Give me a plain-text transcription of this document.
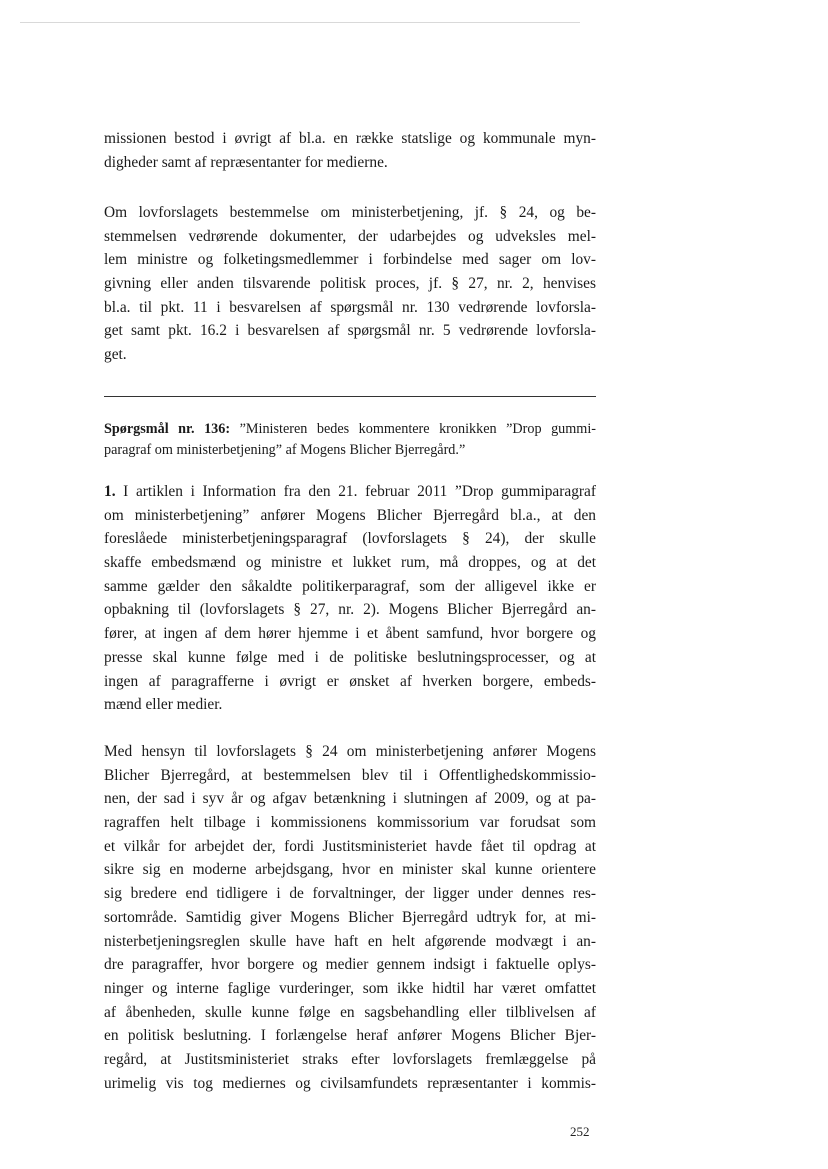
missionen bestod i øvrigt af bl.a. en række statslige og kommunale myn-
digheder samt af repræsentanter for medierne.
Om lovforslagets bestemmelse om ministerbetjening, jf. § 24, og be-
stemmelsen vedrørende dokumenter, der udarbejdes og udveksles mel-
lem ministre og folketingsmedlemmer i forbindelse med sager om lov-
givning eller anden tilsvarende politisk proces, jf. § 27, nr. 2, henvises
bl.a. til pkt. 11 i besvarelsen af spørgsmål nr. 130 vedrørende lovforsla-
get samt pkt. 16.2 i besvarelsen af spørgsmål nr. 5 vedrørende lovforsla-
get.
Spørgsmål nr. 136: ”Ministeren bedes kommentere kronikken ”Drop gummi-
paragraf om ministerbetjening” af Mogens Blicher Bjerregård.”
1. I artiklen i Information fra den 21. februar 2011 ”Drop gummiparagraf
om ministerbetjening” anfører Mogens Blicher Bjerregård bl.a., at den
foreslåede ministerbetjeningsparagraf (lovforslagets § 24), der skulle
skaffe embedsmænd og ministre et lukket rum, må droppes, og at det
samme gælder den såkaldte politikerparagraf, som der alligevel ikke er
opbakning til (lovforslagets § 27, nr. 2). Mogens Blicher Bjerregård an-
fører, at ingen af dem hører hjemme i et åbent samfund, hvor borgere og
presse skal kunne følge med i de politiske beslutningsprocesser, og at
ingen af paragrafferne i øvrigt er ønsket af hverken borgere, embeds-
mænd eller medier.
Med hensyn til lovforslagets § 24 om ministerbetjening anfører Mogens
Blicher Bjerregård, at bestemmelsen blev til i Offentlighedskommissio-
nen, der sad i syv år og afgav betænkning i slutningen af 2009, og at pa-
ragraffen helt tilbage i kommissionens kommissorium var forudsat som
et vilkår for arbejdet der, fordi Justitsministeriet havde fået til opdrag at
sikre sig en moderne arbejdsgang, hvor en minister skal kunne orientere
sig bredere end tidligere i de forvaltninger, der ligger under dennes res-
sortområde. Samtidig giver Mogens Blicher Bjerregård udtryk for, at mi-
nisterbetjeningsreglen skulle have haft en helt afgørende modvægt i an-
dre paragraffer, hvor borgere og medier gennem indsigt i faktuelle oplys-
ninger og interne faglige vurderinger, som ikke hidtil har været omfattet
af åbenheden, skulle kunne følge en sagsbehandling eller tilblivelsen af
en politisk beslutning. I forlængelse heraf anfører Mogens Blicher Bjer-
regård, at Justitsministeriet straks efter lovforslagets fremlæggelse på
urimelig vis tog mediernes og civilsamfundets repræsentanter i kommis-
252
